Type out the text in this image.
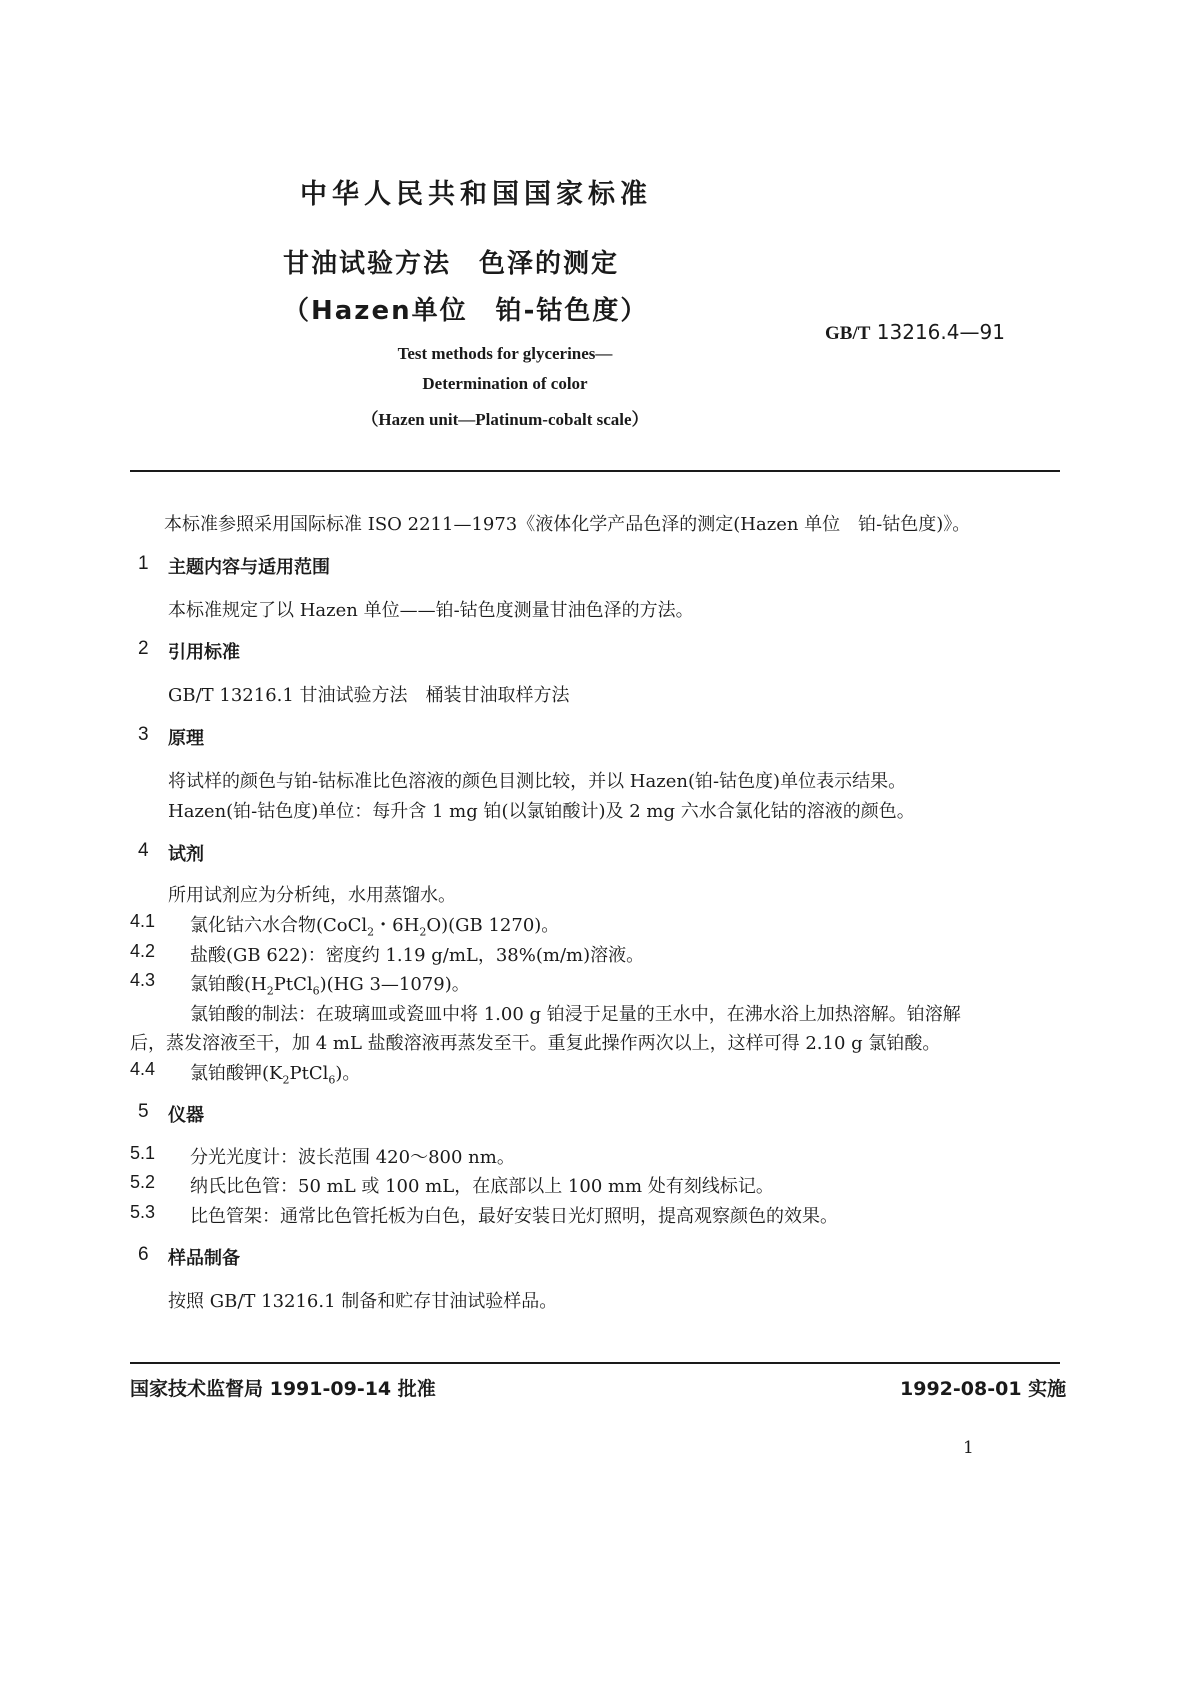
中华人民共和国国家标准
甘油试验方法　色泽的测定
（Hazen单位　铂-钴色度）
GB/T 13216.4—91
Test methods for glycerines—
Determination of color
（Hazen unit—Platinum-cobalt scale）
本标准参照采用国际标准 ISO 2211—1973《液体化学产品色泽的测定(Hazen 单位　铂-钴色度)》。
1 主题内容与适用范围
本标准规定了以 Hazen 单位——铂-钴色度测量甘油色泽的方法。
2 引用标准
GB/T 13216.1 甘油试验方法　桶装甘油取样方法
3 原理
将试样的颜色与铂-钴标准比色溶液的颜色目测比较，并以 Hazen(铂-钴色度)单位表示结果。
Hazen(铂-钴色度)单位：每升含 1 mg 铂(以氯铂酸计)及 2 mg 六水合氯化钴的溶液的颜色。
4 试剂
所用试剂应为分析纯，水用蒸馏水。
4.1 氯化钴六水合物(CoCl$_2$・$6H_2O)(GB$ 1270)。
4.2 盐酸(GB 622)：密度约 1.19 g/mL，38%(m/m)溶液。
4.3 氯铂酸$(H_2PtCl_6)(HG$ 3—1079)。
氯铂酸的制法：在玻璃皿或瓷皿中将 1.00 g 铂浸于足量的王水中，在沸水浴上加热溶解。铂溶解
后，蒸发溶液至干，加 4 mL 盐酸溶液再蒸发至干。重复此操作两次以上，这样可得 2.10 g 氯铂酸。
4.4 氯铂酸钾$(K_2PtCl_6)$。
5 仪器
5.1 分光光度计：波长范围 420～800 nm。
5.2 纳氏比色管：50 mL 或 100 mL，在底部以上 100 mm 处有刻线标记。
5.3 比色管架：通常比色管托板为白色，最好安装日光灯照明，提高观察颜色的效果。
6 样品制备
按照 GB/T 13216.1 制备和贮存甘油试验样品。
国家技术监督局 1991-09-14 批准	1992-08-01 实施
1
